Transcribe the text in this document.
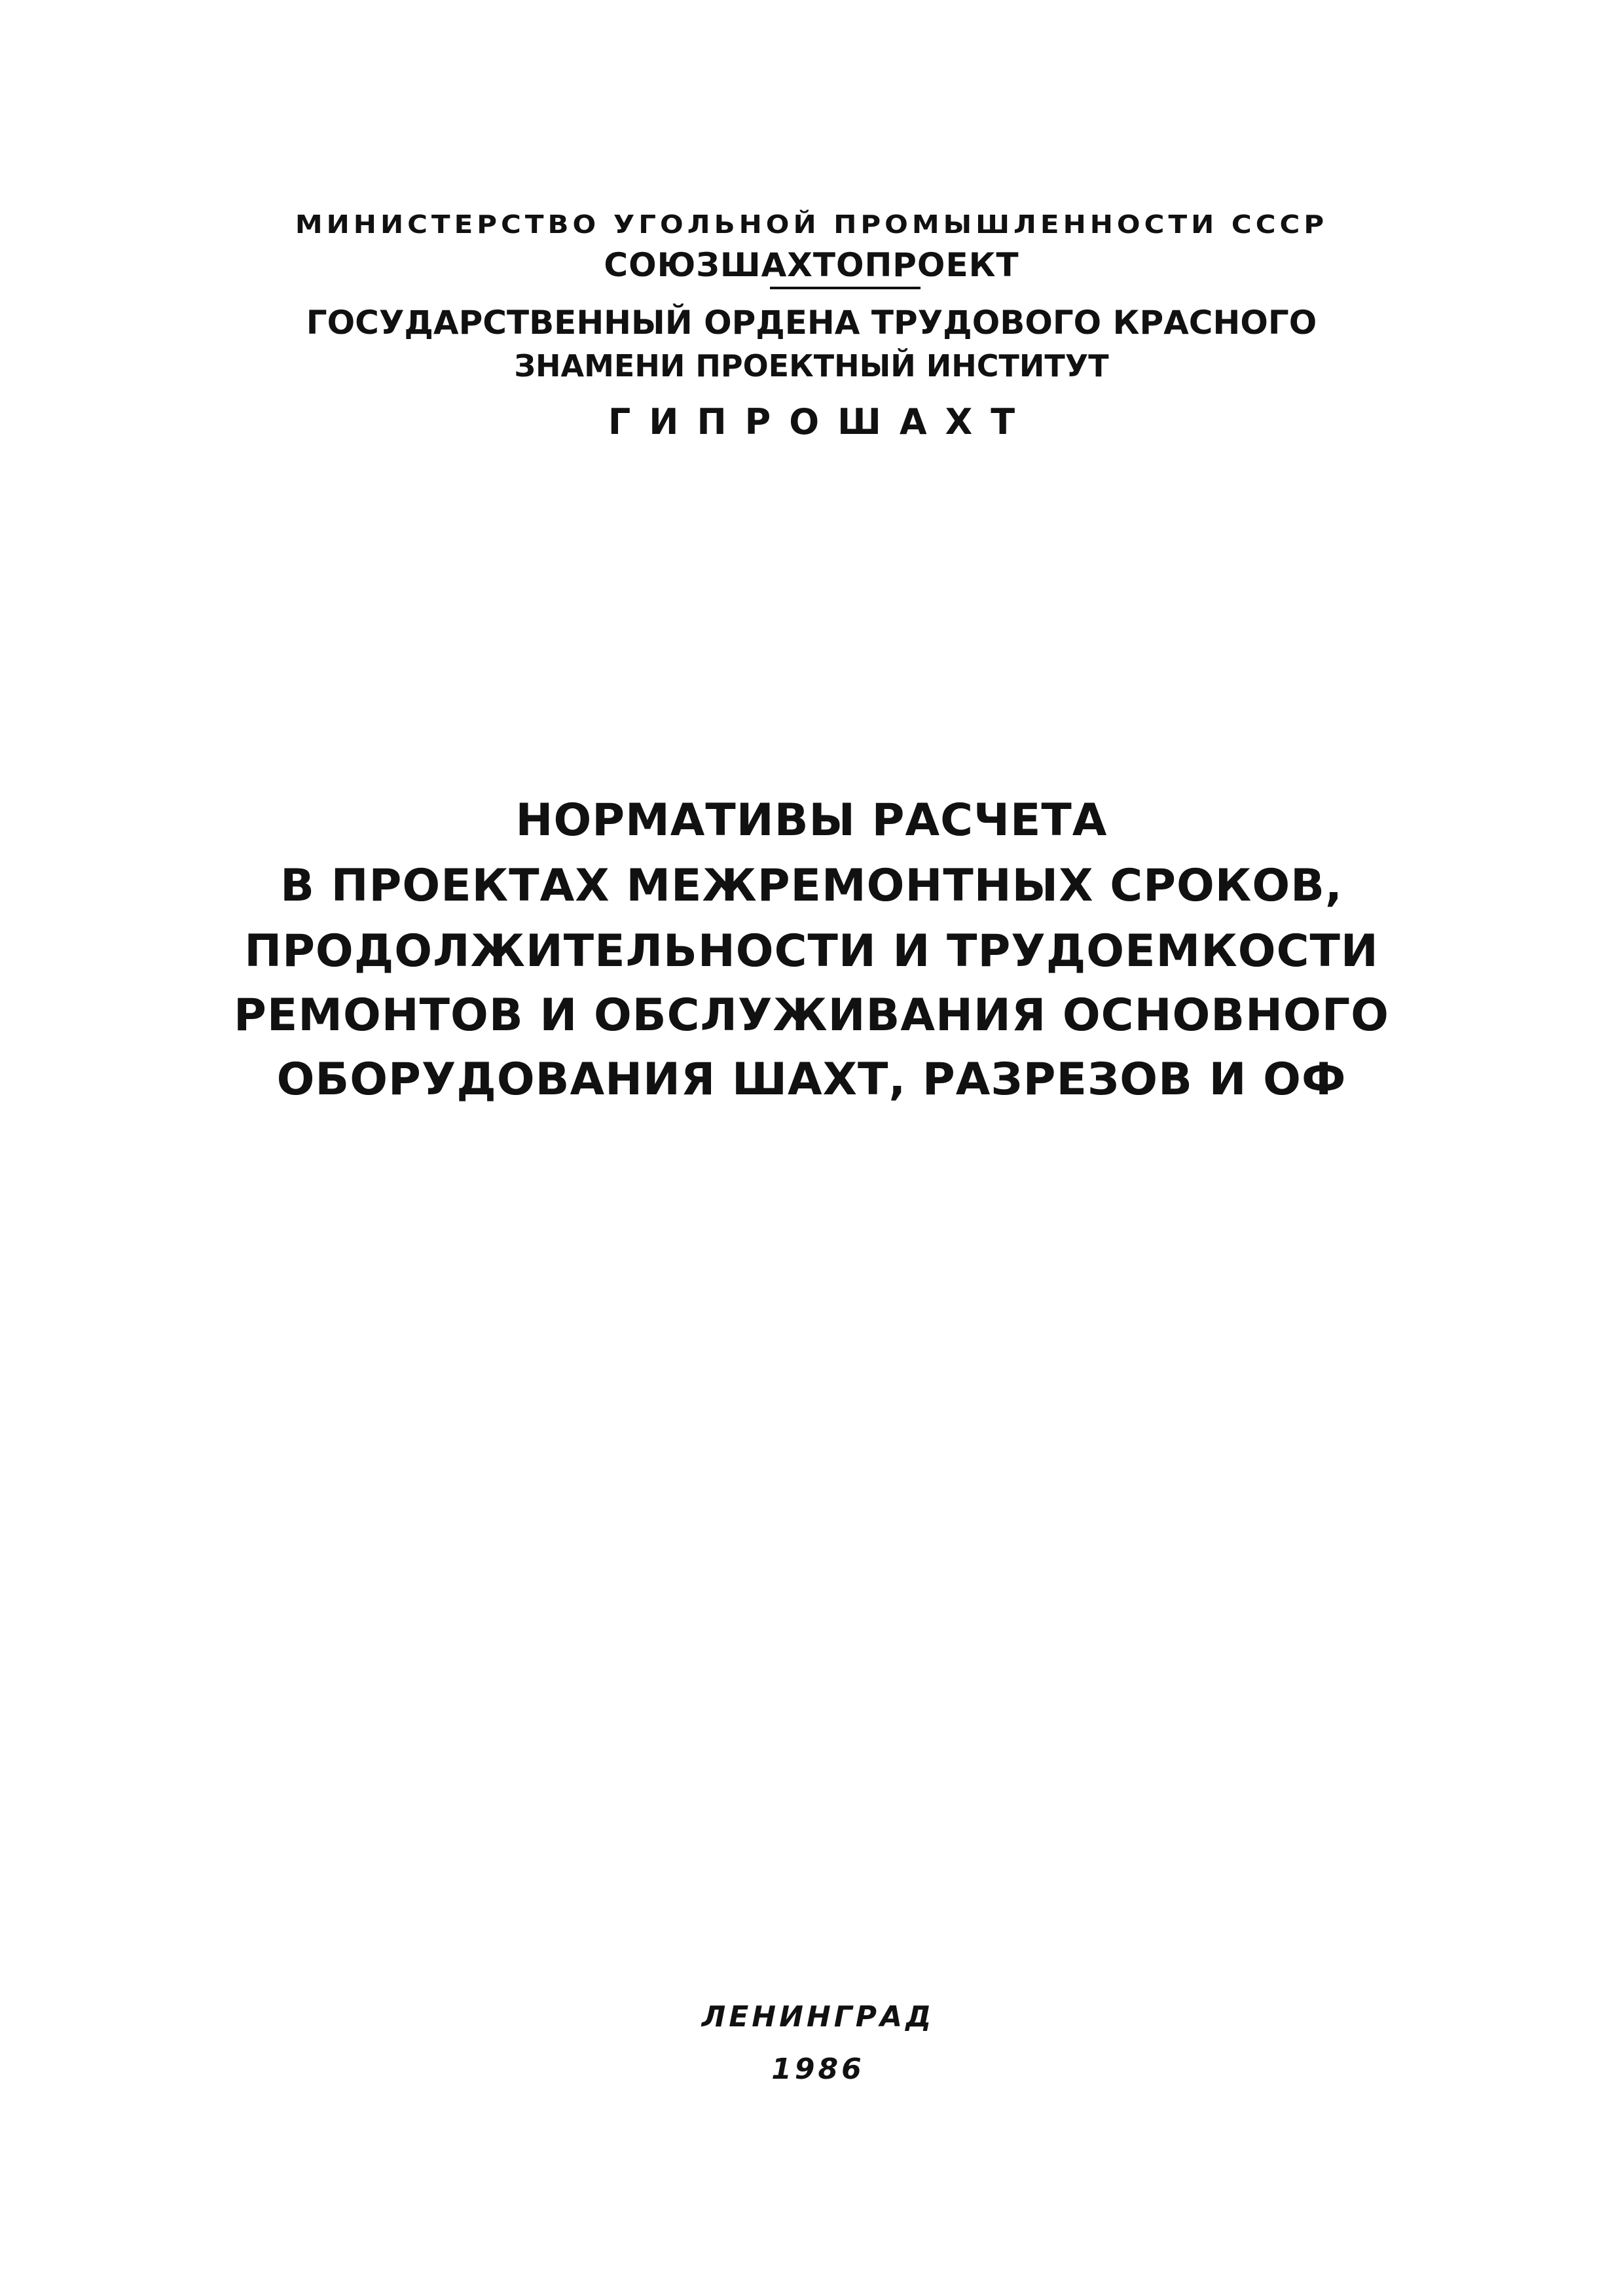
МИНИСТЕРСТВО УГОЛЬНОЙ ПРОМЫШЛЕННОСТИ СССР
СОЮЗШАХТОПРОЕКТ
ГОСУДАРСТВЕННЫЙ ОРДЕНА ТРУДОВОГО КРАСНОГО
ЗНАМЕНИ ПРОЕКТНЫЙ ИНСТИТУТ
ГИПРОШАХТ
НОРМАТИВЫ РАСЧЕТА
В ПРОЕКТАХ МЕЖРЕМОНТНЫХ СРОКОВ,
ПРОДОЛЖИТЕЛЬНОСТИ И ТРУДОЕМКОСТИ
РЕМОНТОВ И ОБСЛУЖИВАНИЯ ОСНОВНОГО
ОБОРУДОВАНИЯ ШАХТ, РАЗРЕЗОВ И ОФ
ЛЕНИНГРАД
1986
